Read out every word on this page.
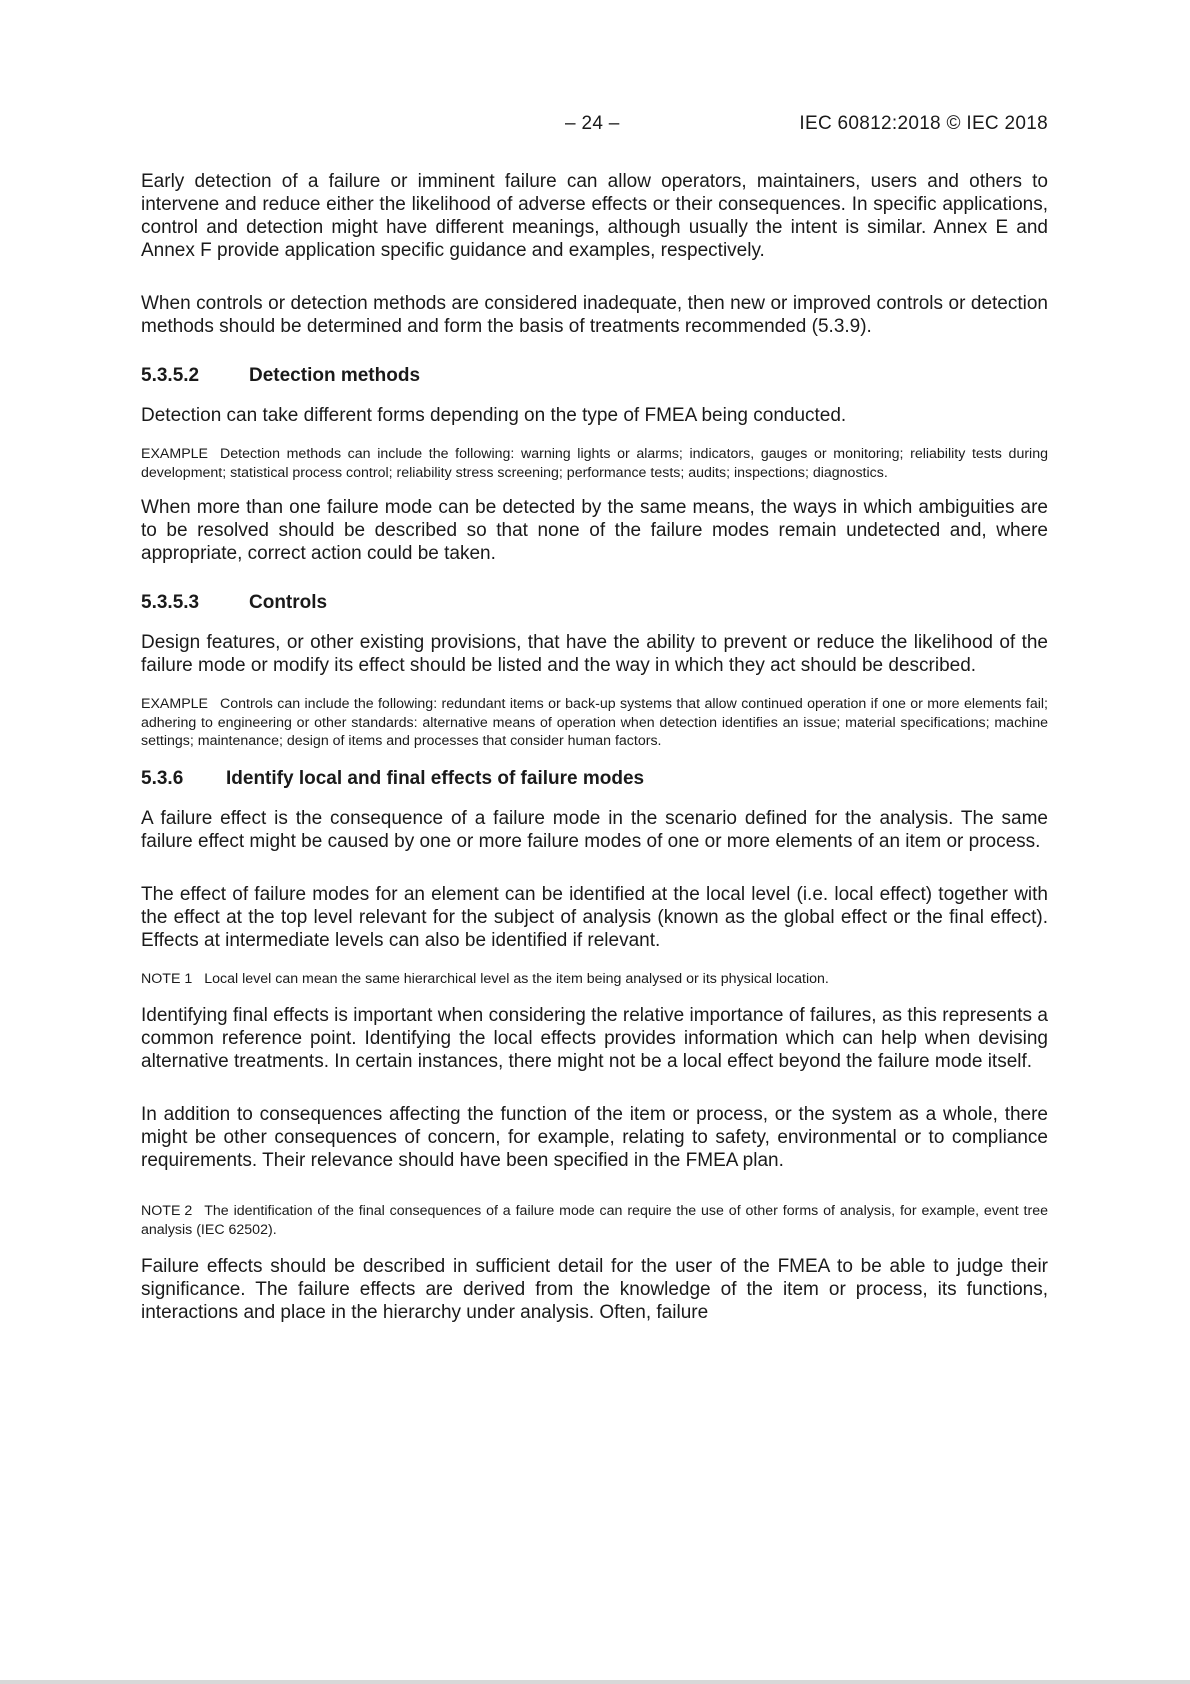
– 24 –	IEC 60812:2018 © IEC 2018

Early detection of a failure or imminent failure can allow operators, maintainers, users and others to intervene and reduce either the likelihood of adverse effects or their consequences. In specific applications, control and detection might have different meanings, although usually the intent is similar. Annex E and Annex F provide application specific guidance and examples, respectively.

When controls or detection methods are considered inadequate, then new or improved controls or detection methods should be determined and form the basis of treatments recommended (5.3.9).

5.3.5.2	Detection methods

Detection can take different forms depending on the type of FMEA being conducted.

EXAMPLE Detection methods can include the following: warning lights or alarms; indicators, gauges or monitoring; reliability tests during development; statistical process control; reliability stress screening; performance tests; audits; inspections; diagnostics.

When more than one failure mode can be detected by the same means, the ways in which ambiguities are to be resolved should be described so that none of the failure modes remain undetected and, where appropriate, correct action could be taken.

5.3.5.3	Controls

Design features, or other existing provisions, that have the ability to prevent or reduce the likelihood of the failure mode or modify its effect should be listed and the way in which they act should be described.

EXAMPLE Controls can include the following: redundant items or back-up systems that allow continued operation if one or more elements fail; adhering to engineering or other standards: alternative means of operation when detection identifies an issue; material specifications; machine settings; maintenance; design of items and processes that consider human factors.

5.3.6 Identify local and final effects of failure modes

A failure effect is the consequence of a failure mode in the scenario defined for the analysis. The same failure effect might be caused by one or more failure modes of one or more elements of an item or process.

The effect of failure modes for an element can be identified at the local level (i.e. local effect) together with the effect at the top level relevant for the subject of analysis (known as the global effect or the final effect). Effects at intermediate levels can also be identified if relevant.

NOTE 1 Local level can mean the same hierarchical level as the item being analysed or its physical location.

Identifying final effects is important when considering the relative importance of failures, as this represents a common reference point. Identifying the local effects provides information which can help when devising alternative treatments. In certain instances, there might not be a local effect beyond the failure mode itself.

In addition to consequences affecting the function of the item or process, or the system as a whole, there might be other consequences of concern, for example, relating to safety, environmental or to compliance requirements. Their relevance should have been specified in the FMEA plan.

NOTE 2 The identification of the final consequences of a failure mode can require the use of other forms of analysis, for example, event tree analysis (IEC 62502).

Failure effects should be described in sufficient detail for the user of the FMEA to be able to judge their significance. The failure effects are derived from the knowledge of the item or process, its functions, interactions and place in the hierarchy under analysis. Often, failure
